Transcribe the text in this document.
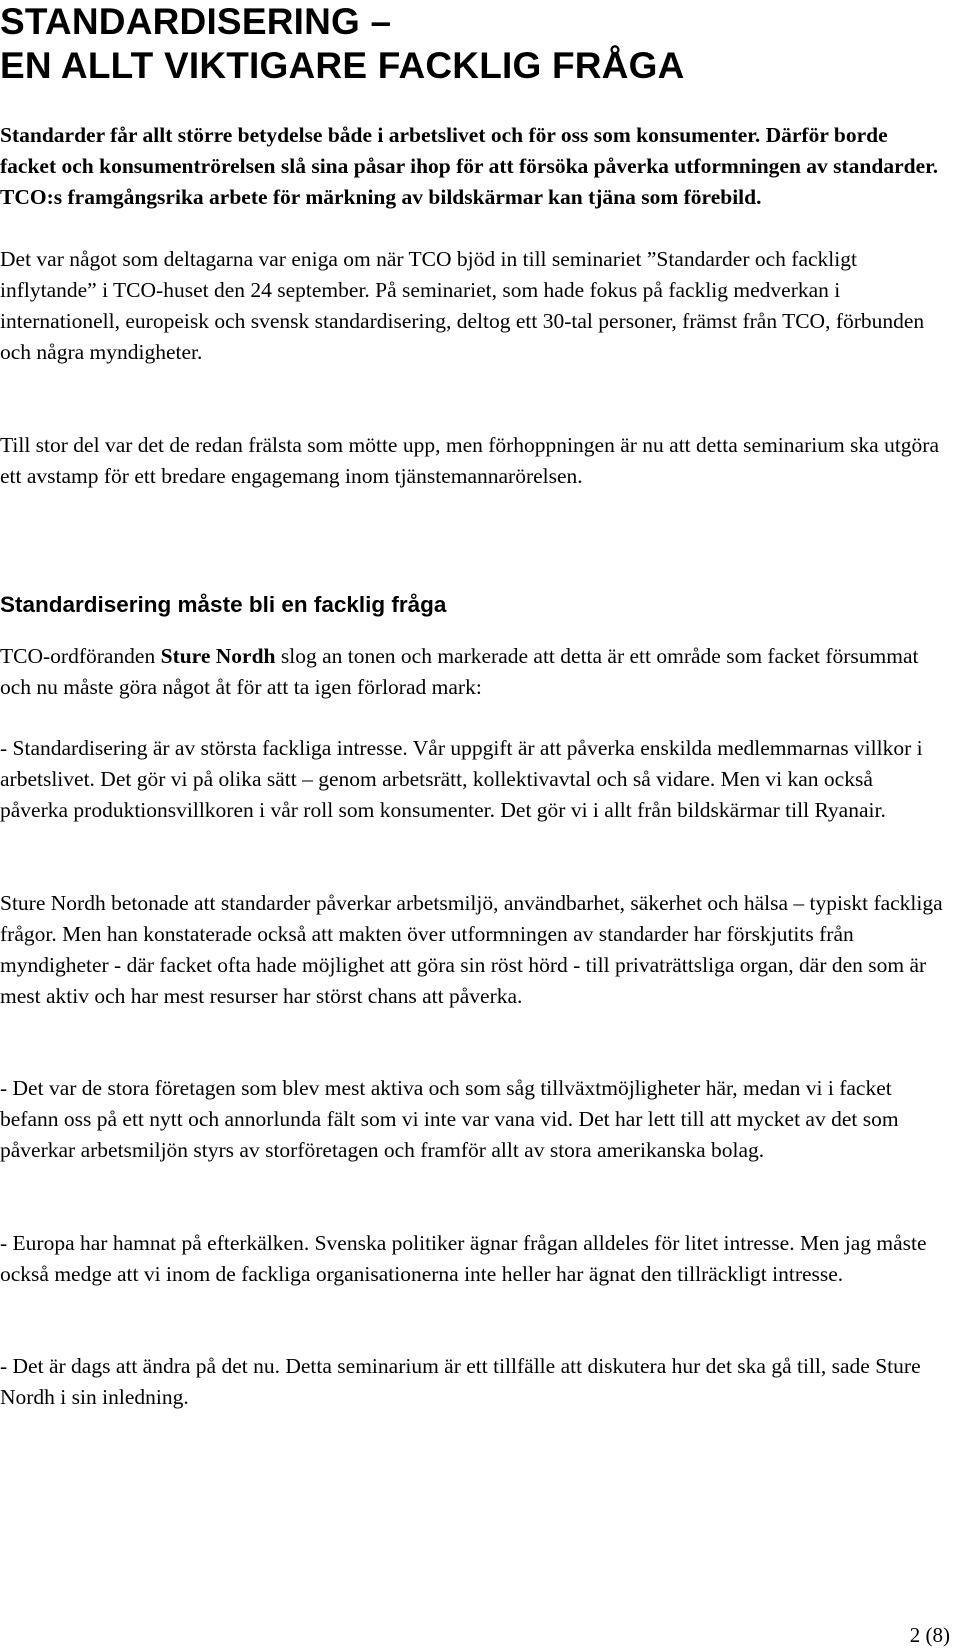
STANDARDISERING –
EN ALLT VIKTIGARE FACKLIG FRÅGA

Standarder får allt större betydelse både i arbetslivet och för oss som konsumenter. Därför borde facket och konsumentrörelsen slå sina påsar ihop för att försöka påverka utformningen av standarder. TCO:s framgångsrika arbete för märkning av bildskärmar kan tjäna som förebild.

Det var något som deltagarna var eniga om när TCO bjöd in till seminariet ”Standarder och fackligt inflytande” i TCO-huset den 24 september. På seminariet, som hade fokus på facklig medverkan i internationell, europeisk och svensk standardisering, deltog ett 30-tal personer, främst från TCO, förbunden och några myndigheter.

Till stor del var det de redan frälsta som mötte upp, men förhoppningen är nu att detta seminarium ska utgöra ett avstamp för ett bredare engagemang inom tjänstemannarörelsen.

Standardisering måste bli en facklig fråga

TCO-ordföranden Sture Nordh slog an tonen och markerade att detta är ett område som facket försummat och nu måste göra något åt för att ta igen förlorad mark:

- Standardisering är av största fackliga intresse. Vår uppgift är att påverka enskilda medlemmarnas villkor i arbetslivet. Det gör vi på olika sätt – genom arbetsrätt, kollektivavtal och så vidare. Men vi kan också påverka produktionsvillkoren i vår roll som konsumenter. Det gör vi i allt från bildskärmar till Ryanair.

Sture Nordh betonade att standarder påverkar arbetsmiljö, användbarhet, säkerhet och hälsa – typiskt fackliga frågor. Men han konstaterade också att makten över utformningen av standarder har förskjutits från myndigheter - där facket ofta hade möjlighet att göra sin röst hörd - till privaträttsliga organ, där den som är mest aktiv och har mest resurser har störst chans att påverka.

- Det var de stora företagen som blev mest aktiva och som såg tillväxtmöjligheter här, medan vi i facket befann oss på ett nytt och annorlunda fält som vi inte var vana vid. Det har lett till att mycket av det som påverkar arbetsmiljön styrs av storföretagen och framför allt av stora amerikanska bolag.

- Europa har hamnat på efterkälken. Svenska politiker ägnar frågan alldeles för litet intresse. Men jag måste också medge att vi inom de fackliga organisationerna inte heller har ägnat den tillräckligt intresse.

- Det är dags att ändra på det nu. Detta seminarium är ett tillfälle att diskutera hur det ska gå till, sade Sture Nordh i sin inledning.

2 (8)
